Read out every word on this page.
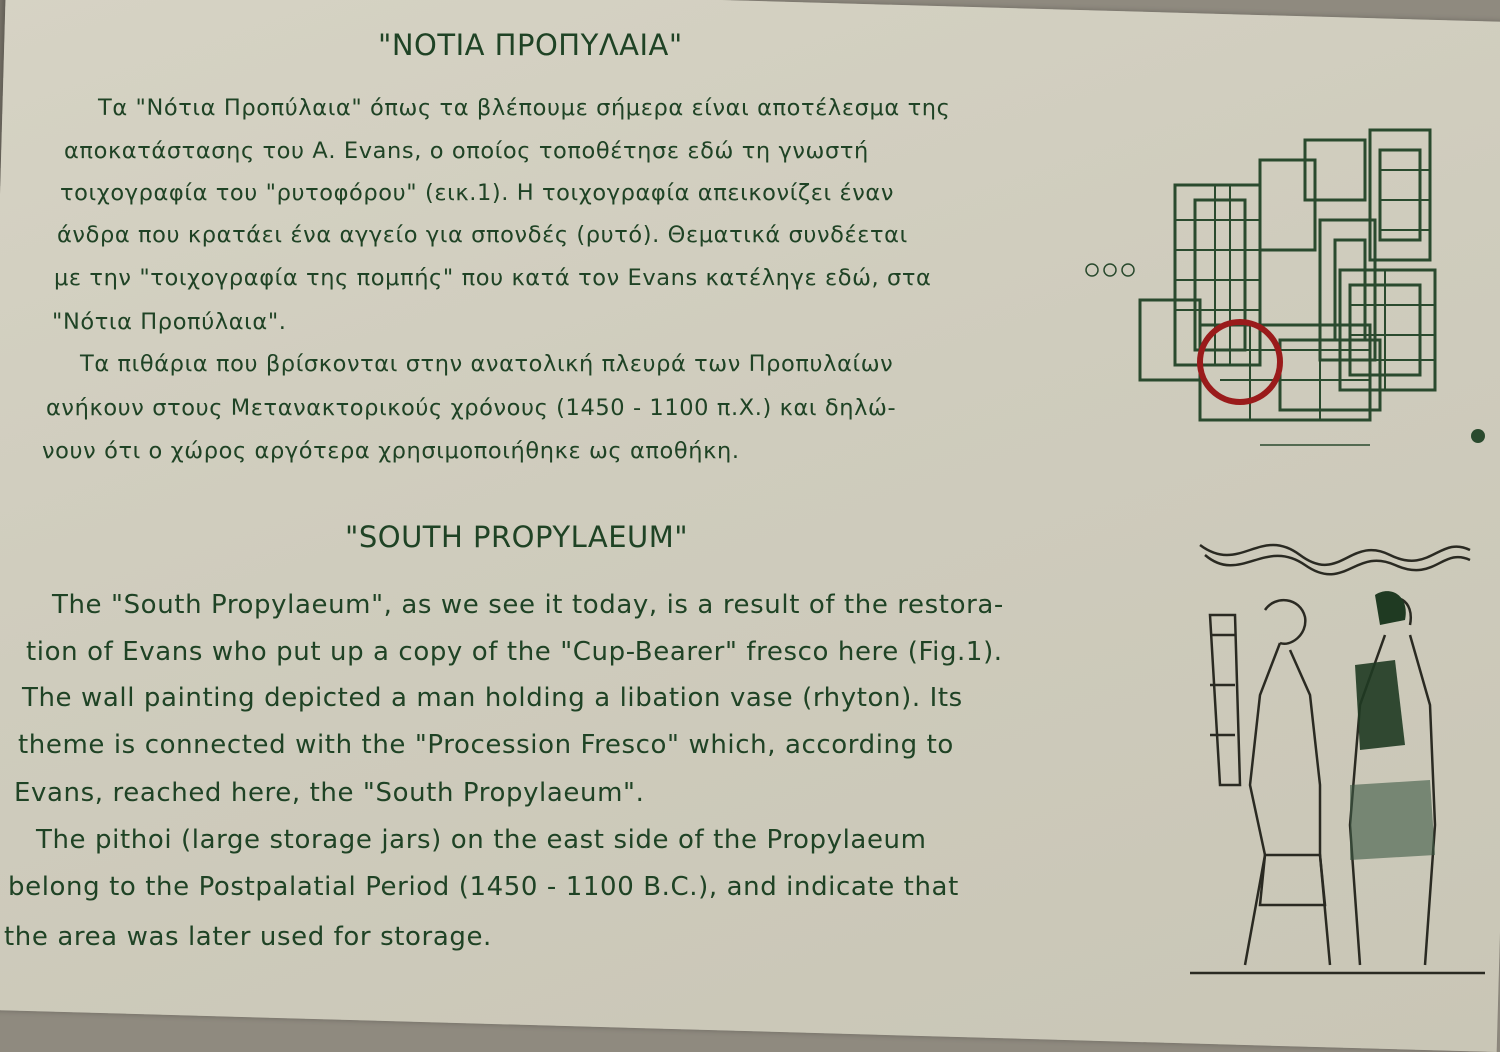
"ΝΟΤΙΑ ΠΡΟΠΥΛΑΙΑ"
Τα "Νότια Προπύλαια" όπως τα βλέπουμε σήμερα είναι αποτέλεσμα της
αποκατάστασης του Α. Evans, ο οποίος τοποθέτησε εδώ τη γνωστή
τοιχογραφία του "ρυτοφόρου" (εικ.1). Η τοιχογραφία απεικονίζει έναν
άνδρα που κρατάει ένα αγγείο για σπονδές (ρυτό). Θεματικά συνδέεται
με την "τοιχογραφία της πομπής" που κατά τον Evans κατέληγε εδώ, στα
"Νότια Προπύλαια".
Τα πιθάρια που βρίσκονται στην ανατολική πλευρά των Προπυλαίων
ανήκουν στους Μετανακτορικούς χρόνους (1450 - 1100 π.Χ.) και δηλώ-
νουν ότι ο χώρος αργότερα χρησιμοποιήθηκε ως αποθήκη.
"SOUTH PROPYLAEUM"
The "South Propylaeum", as we see it today, is a result of the restora-
tion of Evans who put up a copy of the "Cup-Bearer" fresco here (Fig.1).
The wall painting depicted a man holding a libation vase (rhyton). Its
theme is connected with the "Procession Fresco" which, according to
Evans, reached here, the "South Propylaeum".
The pithoi (large storage jars) on the east side of the Propylaeum
belong to the Postpalatial Period (1450 - 1100 B.C.), and indicate that
the area was later used for storage.
